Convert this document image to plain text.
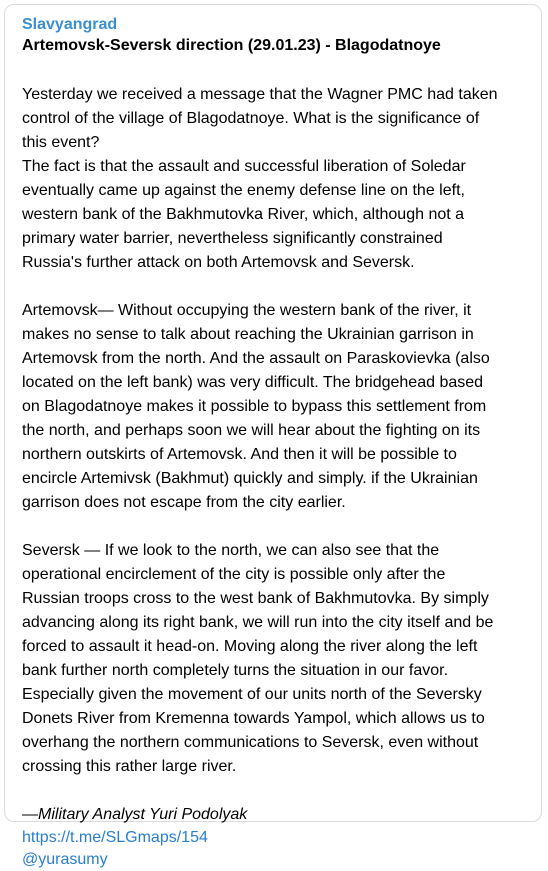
Slavyangrad
Artemovsk-Seversk direction (29.01.23) - Blagodatnoye
Yesterday we received a message that the Wagner PMC had taken
control of the village of Blagodatnoye. What is the significance of
this event?
The fact is that the assault and successful liberation of Soledar
eventually came up against the enemy defense line on the left,
western bank of the Bakhmutovka River, which, although not a
primary water barrier, nevertheless significantly constrained
Russia's further attack on both Artemovsk and Seversk.
Artemovsk— Without occupying the western bank of the river, it
makes no sense to talk about reaching the Ukrainian garrison in
Artemovsk from the north. And the assault on Paraskovievka (also
located on the left bank) was very difficult. The bridgehead based
on Blagodatnoye makes it possible to bypass this settlement from
the north, and perhaps soon we will hear about the fighting on its
northern outskirts of Artemovsk. And then it will be possible to
encircle Artemivsk (Bakhmut) quickly and simply. if the Ukrainian
garrison does not escape from the city earlier.
Seversk — If we look to the north, we can also see that the
operational encirclement of the city is possible only after the
Russian troops cross to the west bank of Bakhmutovka. By simply
advancing along its right bank, we will run into the city itself and be
forced to assault it head-on. Moving along the river along the left
bank further north completely turns the situation in our favor.
Especially given the movement of our units north of the Seversky
Donets River from Kremenna towards Yampol, which allows us to
overhang the northern communications to Seversk, even without
crossing this rather large river.
—Military Analyst Yuri Podolyak
https://t.me/SLGmaps/154
@yurasumy
